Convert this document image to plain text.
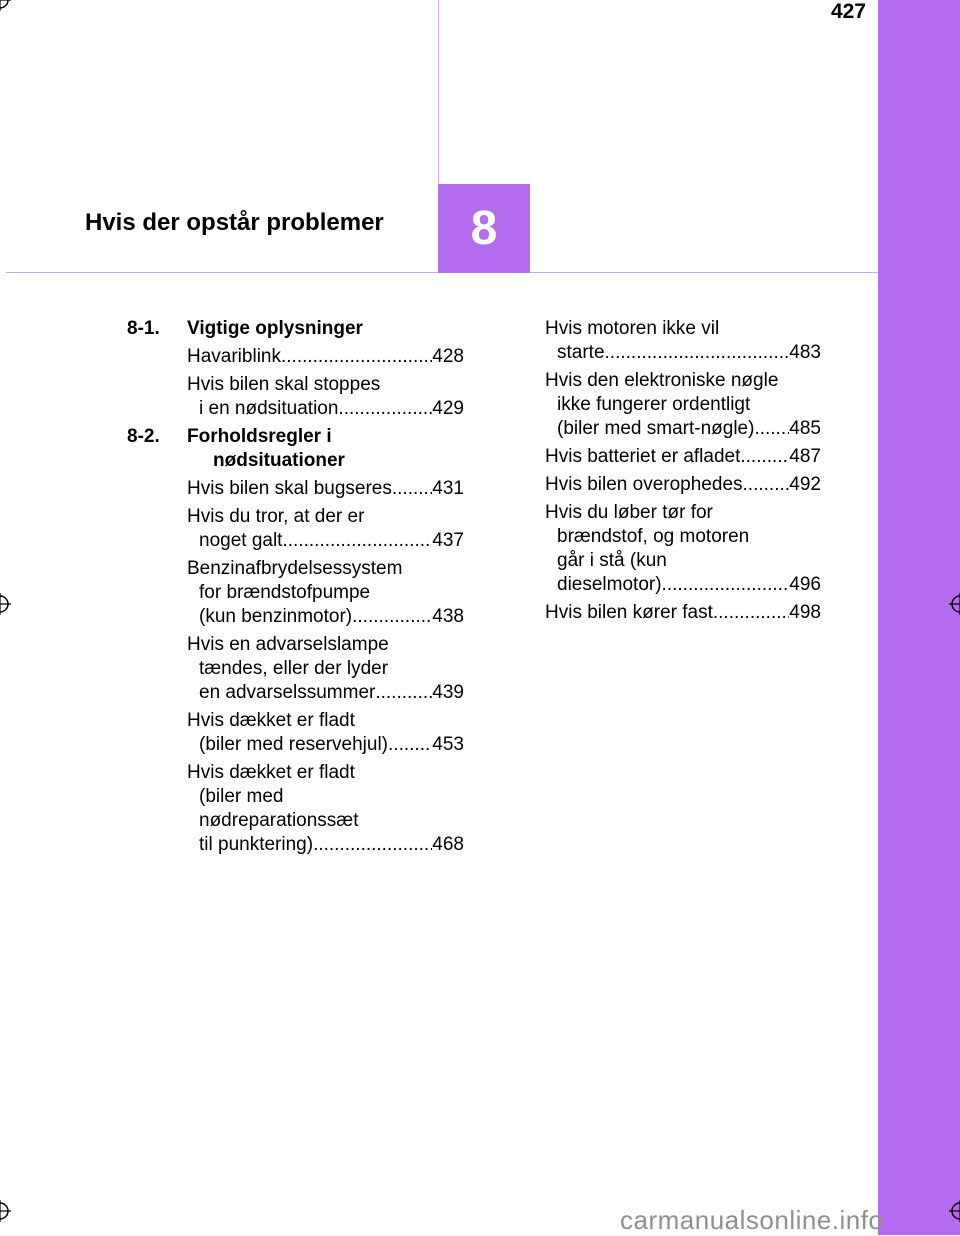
427
Hvis der opstår problemer	8
8-1.	Vigtige oplysninger
Havariblink .....	428
Hvis bilen skal stoppes
i en nødsituation .....	429
8-2.	Forholdsregler i
nødsituationer
Hvis bilen skal bugseres ..... 431
Hvis du tror, at der er
noget galt .....	437
Benzinafbrydelsessystem
for brændstofpumpe
(kun benzinmotor) .....	438
Hvis en advarselslampe
tændes, eller der lyder
en advarselssummer .....	439
Hvis dækket er fladt
(biler med reservehjul) ..... 453
Hvis dækket er fladt
(biler med
nødreparationssæt
til punktering) .....	468
Hvis motoren ikke vil
starte .....	483
Hvis den elektroniske nøgle
ikke fungerer ordentligt
(biler med smart-nøgle) ..... 485
Hvis batteriet er afladet .....	487
Hvis bilen overophedes ..... 492
Hvis du løber tør for
brændstof, og motoren
går i stå (kun
dieselmotor) .....	496
Hvis bilen kører fast .....	498
carmanualsonline.info
